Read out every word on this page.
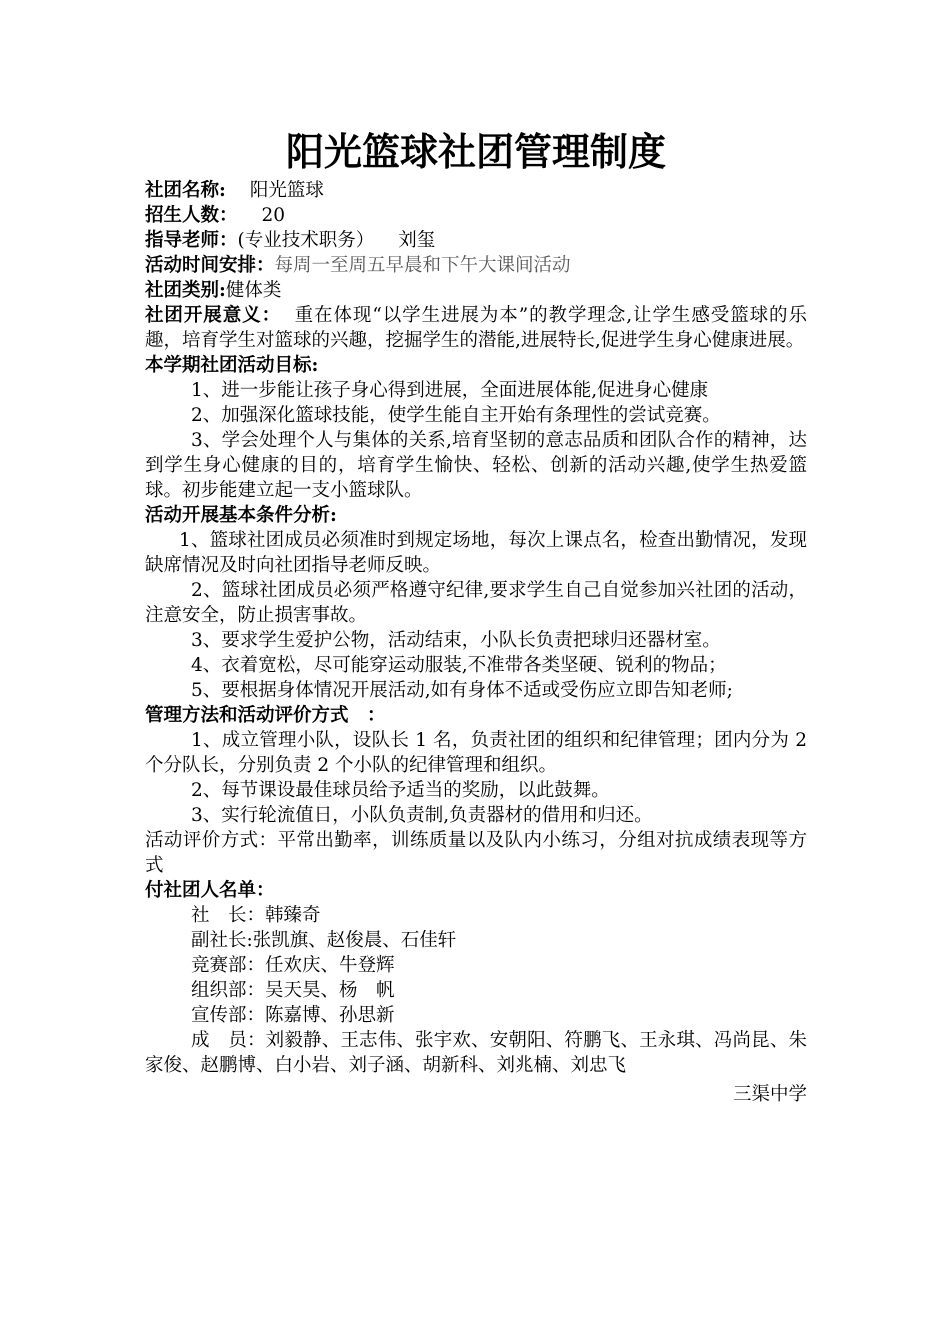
阳光篮球社团管理制度

社团名称: 阳光篮球

招生人数： 20

指导老师：(专业技术职务） 刘玺

活动时间安排：每周一至周五早晨和下午大课间活动

社团类别:健体类

社团开展意义： 重在体现“以学生进展为本”的教学理念,让学生感受篮球的乐趣，培育学生对篮球的兴趣，挖掘学生的潜能,进展特长,促进学生身心健康进展。

本学期社团活动目标:

1、进一步能让孩子身心得到进展，全面进展体能,促进身心健康

2、加强深化篮球技能，使学生能自主开始有条理性的尝试竞赛。

3、学会处理个人与集体的关系,培育坚韧的意志品质和团队合作的精神，达到学生身心健康的目的，培育学生愉快、轻松、创新的活动兴趣,使学生热爱篮球。初步能建立起一支小篮球队。

活动开展基本条件分析:

1、篮球社团成员必须准时到规定场地，每次上课点名，检查出勤情况，发现缺席情况及时向社团指导老师反映。

2、篮球社团成员必须严格遵守纪律,要求学生自己自觉参加兴社团的活动，注意安全，防止损害事故。

3、要求学生爱护公物，活动结束，小队长负责把球归还器材室。

4、衣着宽松，尽可能穿运动服装,不准带各类坚硬、锐利的物品；

5、要根据身体情况开展活动,如有身体不适或受伤应立即告知老师;

管理方法和活动评价方式　：

1、成立管理小队，设队长 1 名，负责社团的组织和纪律管理；团内分为 2 个分队长，分别负责 2 个小队的纪律管理和组织。

2、每节课设最佳球员给予适当的奖励，以此鼓舞。

3、实行轮流值日，小队负责制,负责器材的借用和归还。

活动评价方式：平常出勤率，训练质量以及队内小练习，分组对抗成绩表现等方式

付社团人名单：

社　长：韩臻奇

副社长:张凯旗、赵俊晨、石佳轩

竞赛部：任欢庆、牛登辉

组织部：吴天昊、杨　帆

宣传部：陈嘉博、孙思新

成　员：刘毅静、王志伟、张宇欢、安朝阳、符鹏飞、王永琪、冯尚昆、朱家俊、赵鹏博、白小岩、刘子涵、胡新科、刘兆楠、刘忠飞

三渠中学
